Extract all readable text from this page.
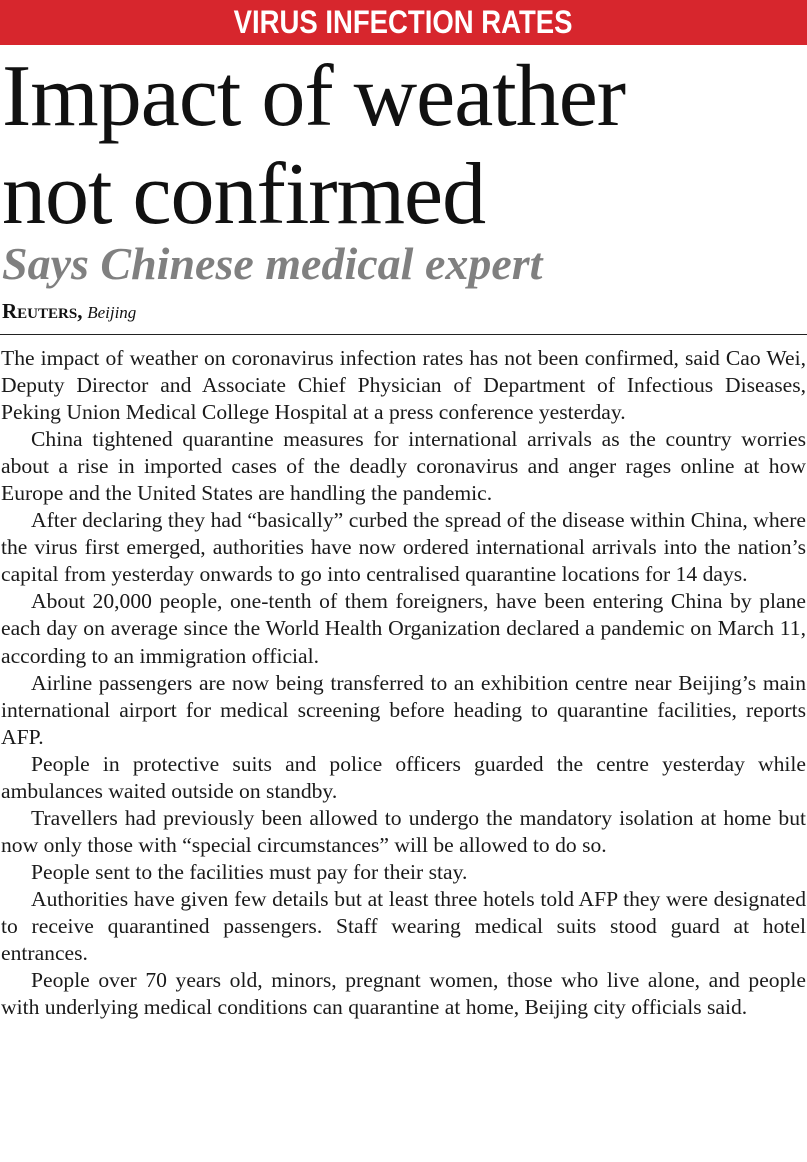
VIRUS INFECTION RATES
Impact of weather
not confirmed
Says Chinese medical expert
Reuters, Beijing

The impact of weather on coronavirus infection rates has not been confirmed, said Cao Wei, Deputy Director and Associate Chief Physician of Department of Infectious Diseases, Peking Union Medical College Hospital at a press conference yesterday.

China tightened quarantine measures for international arrivals as the country worries about a rise in imported cases of the deadly coronavirus and anger rages online at how Europe and the United States are handling the pandemic.

After declaring they had “basically” curbed the spread of the disease within China, where the virus first emerged, authorities have now ordered international arrivals into the nation’s capital from yesterday onwards to go into centralised quarantine locations for 14 days.

About 20,000 people, one-tenth of them foreigners, have been entering China by plane each day on average since the World Health Organization declared a pandemic on March 11, according to an immigration official.

Airline passengers are now being transferred to an exhibition centre near Beijing’s main international airport for medical screening before heading to quarantine facilities, reports AFP.

People in protective suits and police officers guarded the centre yesterday while ambulances waited outside on standby.

Travellers had previously been allowed to undergo the mandatory isolation at home but now only those with “special circumstances” will be allowed to do so.

People sent to the facilities must pay for their stay.

Authorities have given few details but at least three hotels told AFP they were designated to receive quarantined passengers. Staff wearing medical suits stood guard at hotel entrances.

People over 70 years old, minors, pregnant women, those who live alone, and people with underlying medical conditions can quarantine at home, Beijing city officials said.
